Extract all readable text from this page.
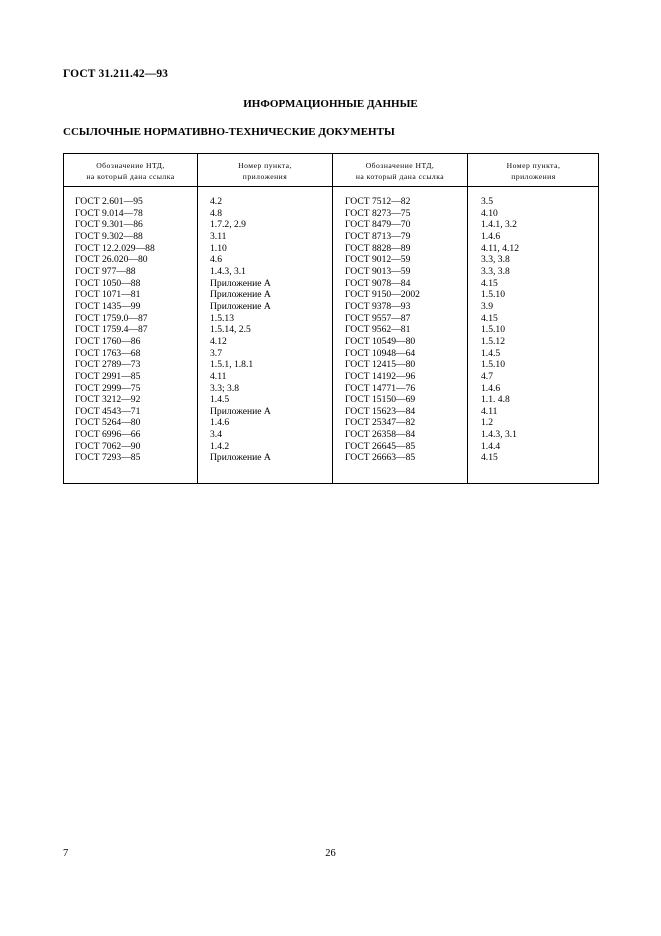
ГОСТ 31.211.42—93
ИНФОРМАЦИОННЫЕ ДАННЫЕ
ССЫЛОЧНЫЕ НОРМАТИВНО-ТЕХНИЧЕСКИЕ ДОКУМЕНТЫ
Обозначение НТД,
на который дана ссылка
Номер пункта,
приложения
Обозначение НТД,
на который дана ссылка
Номер пункта,
приложения
ГОСТ 2.601—95
ГОСТ 9.014—78
ГОСТ 9.301—86
ГОСТ 9.302—88
ГОСТ 12.2.029—88
ГОСТ 26.020—80
ГОСТ 977—88
ГОСТ 1050—88
ГОСТ 1071—81
ГОСТ 1435—99
ГОСТ 1759.0—87
ГОСТ 1759.4—87
ГОСТ 1760—86
ГОСТ 1763—68
ГОСТ 2789—73
ГОСТ 2991—85
ГОСТ 2999—75
ГОСТ 3212—92
ГОСТ 4543—71
ГОСТ 5264—80
ГОСТ 6996—66
ГОСТ 7062—90
ГОСТ 7293—85
4.2
4.8
1.7.2, 2.9
3.11
1.10
4.6
1.4.3, 3.1
Приложение А
Приложение А
Приложение А
1.5.13
1.5.14, 2.5
4.12
3.7
1.5.1, 1.8.1
4.11
3.3; 3.8
1.4.5
Приложение А
1.4.6
3.4
1.4.2
Приложение А
ГОСТ 7512—82
ГОСТ 8273—75
ГОСТ 8479—70
ГОСТ 8713—79
ГОСТ 8828—89
ГОСТ 9012—59
ГОСТ 9013—59
ГОСТ 9078—84
ГОСТ 9150—2002
ГОСТ 9378—93
ГОСТ 9557—87
ГОСТ 9562—81
ГОСТ 10549—80
ГОСТ 10948—64
ГОСТ 12415—80
ГОСТ 14192—96
ГОСТ 14771—76
ГОСТ 15150—69
ГОСТ 15623—84
ГОСТ 25347—82
ГОСТ 26358—84
ГОСТ 26645—85
ГОСТ 26663—85
3.5
4.10
1.4.1, 3.2
1.4.6
4.11, 4.12
3.3, 3.8
3.3, 3.8
4.15
1.5.10
3.9
4.15
1.5.10
1.5.12
1.4.5
1.5.10
4.7
1.4.6
1.1. 4.8
4.11
1.2
1.4.3, 3.1
1.4.4
4.15
7	26
